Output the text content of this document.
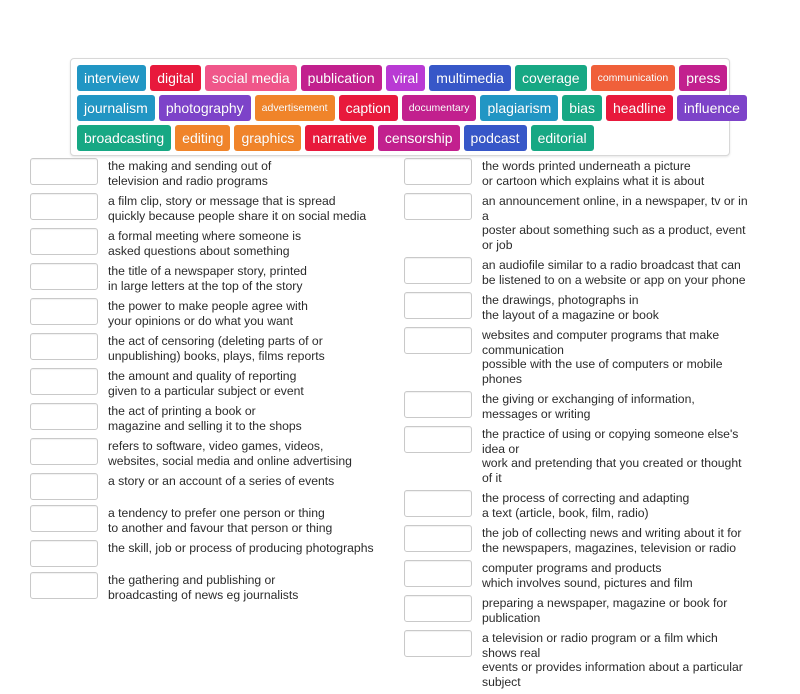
interview	digital	social media	publication	viral	multimedia	coverage	communication	press
journalism	photography	advertisement	caption	documentary	plagiarism	bias	headline	influence
broadcasting	editing	graphics	narrative	censorship	podcast	editorial
the making and sending out of
television and radio programs
a film clip, story or message that is spread
quickly because people share it on social media
a formal meeting where someone is
asked questions about something
the title of a newspaper story, printed
in large letters at the top of the story
the power to make people agree with
your opinions or do what you want
the act of censoring (deleting parts of or
unpublishing) books, plays, films reports
the amount and quality of reporting
given to a particular subject or event
the act of printing a book or
magazine and selling it to the shops
refers to software, video games, videos,
websites, social media and online advertising
a story or an account of a series of events
a tendency to prefer one person or thing
to another and favour that person or thing
the skill, job or process of producing photographs
the gathering and publishing or
broadcasting of news eg journalists
the words printed underneath a picture
or cartoon which explains what it is about
an announcement online, in a newspaper, tv or in a
poster about something such as a product, event or job
an audiofile similar to a radio broadcast that can
be listened to on a website or app on your phone
the drawings, photographs in
the layout of a magazine or book
websites and computer programs that make communication
possible with the use of computers or mobile phones
the giving or exchanging of information, messages or writing
the practice of using or copying someone else's idea or
work and pretending that you created or thought of it
the process of correcting and adapting
a text (article, book, film, radio)
the job of collecting news and writing about it for
the newspapers, magazines, television or radio
computer programs and products
which involves sound, pictures and film
preparing a newspaper, magazine or book for publication
a television or radio program or a film which shows real
events or provides information about a particular subject
